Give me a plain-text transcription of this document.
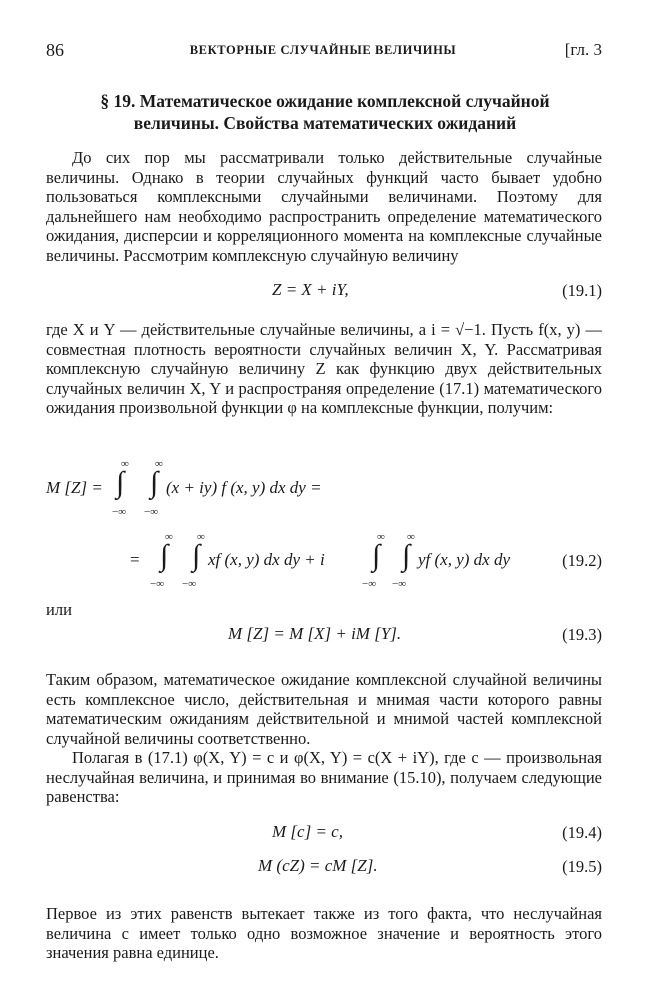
86	ВЕКТОРНЫЕ СЛУЧАЙНЫЕ ВЕЛИЧИНЫ	[гл. 3
§ 19. Математическое ожидание комплексной случайной величины. Свойства математических ожиданий
До сих пор мы рассматривали только действительные случайные величины. Однако в теории случайных функций часто бывает удобно пользоваться комплексными случайными величинами. Поэтому для дальнейшего нам необходимо распространить определение математического ожидания, дисперсии и корреляционного момента на комплексные случайные величины. Рассмотрим комплексную случайную величину
Z = X + iY,	(19.1)
где X и Y — действительные случайные величины, а i = √−1. Пусть f(x, y) — совместная плотность вероятности случайных величин X, Y. Рассматривая комплексную случайную величину Z как функцию двух действительных случайных величин X, Y и распространяя определение (17.1) математического ожидания произвольной функции φ на комплексные функции, получим:
M [Z] = ∫
∞
−∞
∫
∞
−∞
(x + iy) f (x, y) dx dy =
= ∫
∞
−∞
∫
∞
−∞
xf (x, y) dx dy + i ∫
∞
−∞
∫
∞
−∞
yf (x, y) dx dy	(19.2)
или
M [Z] = M [X] + iM [Y].	(19.3)
Таким образом, математическое ожидание комплексной случайной величины есть комплексное число, действительная и мнимая части которого равны математическим ожиданиям действительной и мнимой частей комплексной случайной величины соответственно.
Полагая в (17.1) φ(X, Y) = c и φ(X, Y) = c(X + iY), где c — произвольная неслучайная величина, и принимая во внимание (15.10), получаем следующие равенства:
M [c] = c,	(19.4)
M (cZ) = cM [Z].	(19.5)
Первое из этих равенств вытекает также из того факта, что неслучайная величина c имеет только одно возможное значение и вероятность этого значения равна единице.
